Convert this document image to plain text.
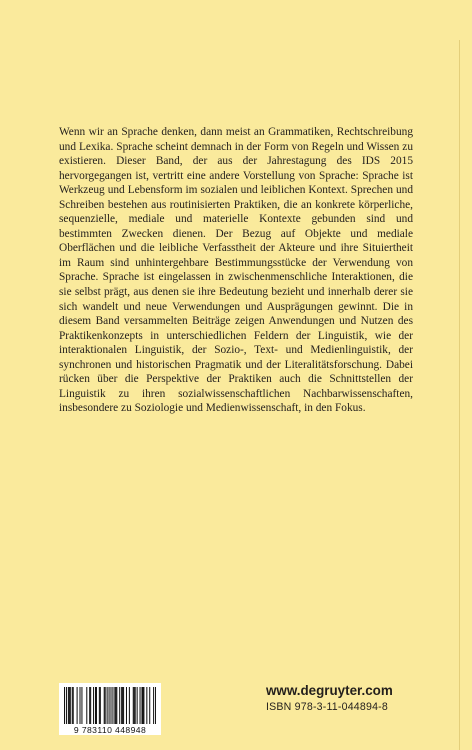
Wenn wir an Sprache denken, dann meist an Grammatiken, Rechtschreibung und Lexika. Sprache scheint demnach in der Form von Regeln und Wissen zu existieren. Dieser Band, der aus der Jahrestagung des IDS 2015 hervorgegangen ist, vertritt eine andere Vorstellung von Sprache: Sprache ist Werkzeug und Lebensform im sozialen und leiblichen Kontext. Sprechen und Schreiben bestehen aus routinisierten Praktiken, die an konkrete körperliche, sequenzielle, mediale und materielle Kontexte gebunden sind und bestimmten Zwecken dienen. Der Bezug auf Objekte und mediale Oberflächen und die leibliche Verfasstheit der Akteure und ihre Situiertheit im Raum sind unhintergehbare Bestimmungsstücke der Verwendung von Sprache. Sprache ist eingelassen in zwischenmenschliche Interaktionen, die sie selbst prägt, aus denen sie ihre Bedeutung bezieht und innerhalb derer sie sich wandelt und neue Verwendungen und Ausprägungen gewinnt. Die in diesem Band versammelten Beiträge zeigen Anwendungen und Nutzen des Praktikenkonzepts in unterschiedlichen Feldern der Linguistik, wie der interaktionalen Linguistik, der Sozio-, Text- und Medienlinguistik, der synchronen und historischen Pragmatik und der Literalitätsforschung. Dabei rücken über die Perspektive der Praktiken auch die Schnittstellen der Linguistik zu ihren sozialwissenschaftlichen Nachbarwissenschaften, insbesondere zu Soziologie und Medienwissenschaft, in den Fokus.

9 783110 448948
www.degruyter.com
ISBN 978-3-11-044894-8
